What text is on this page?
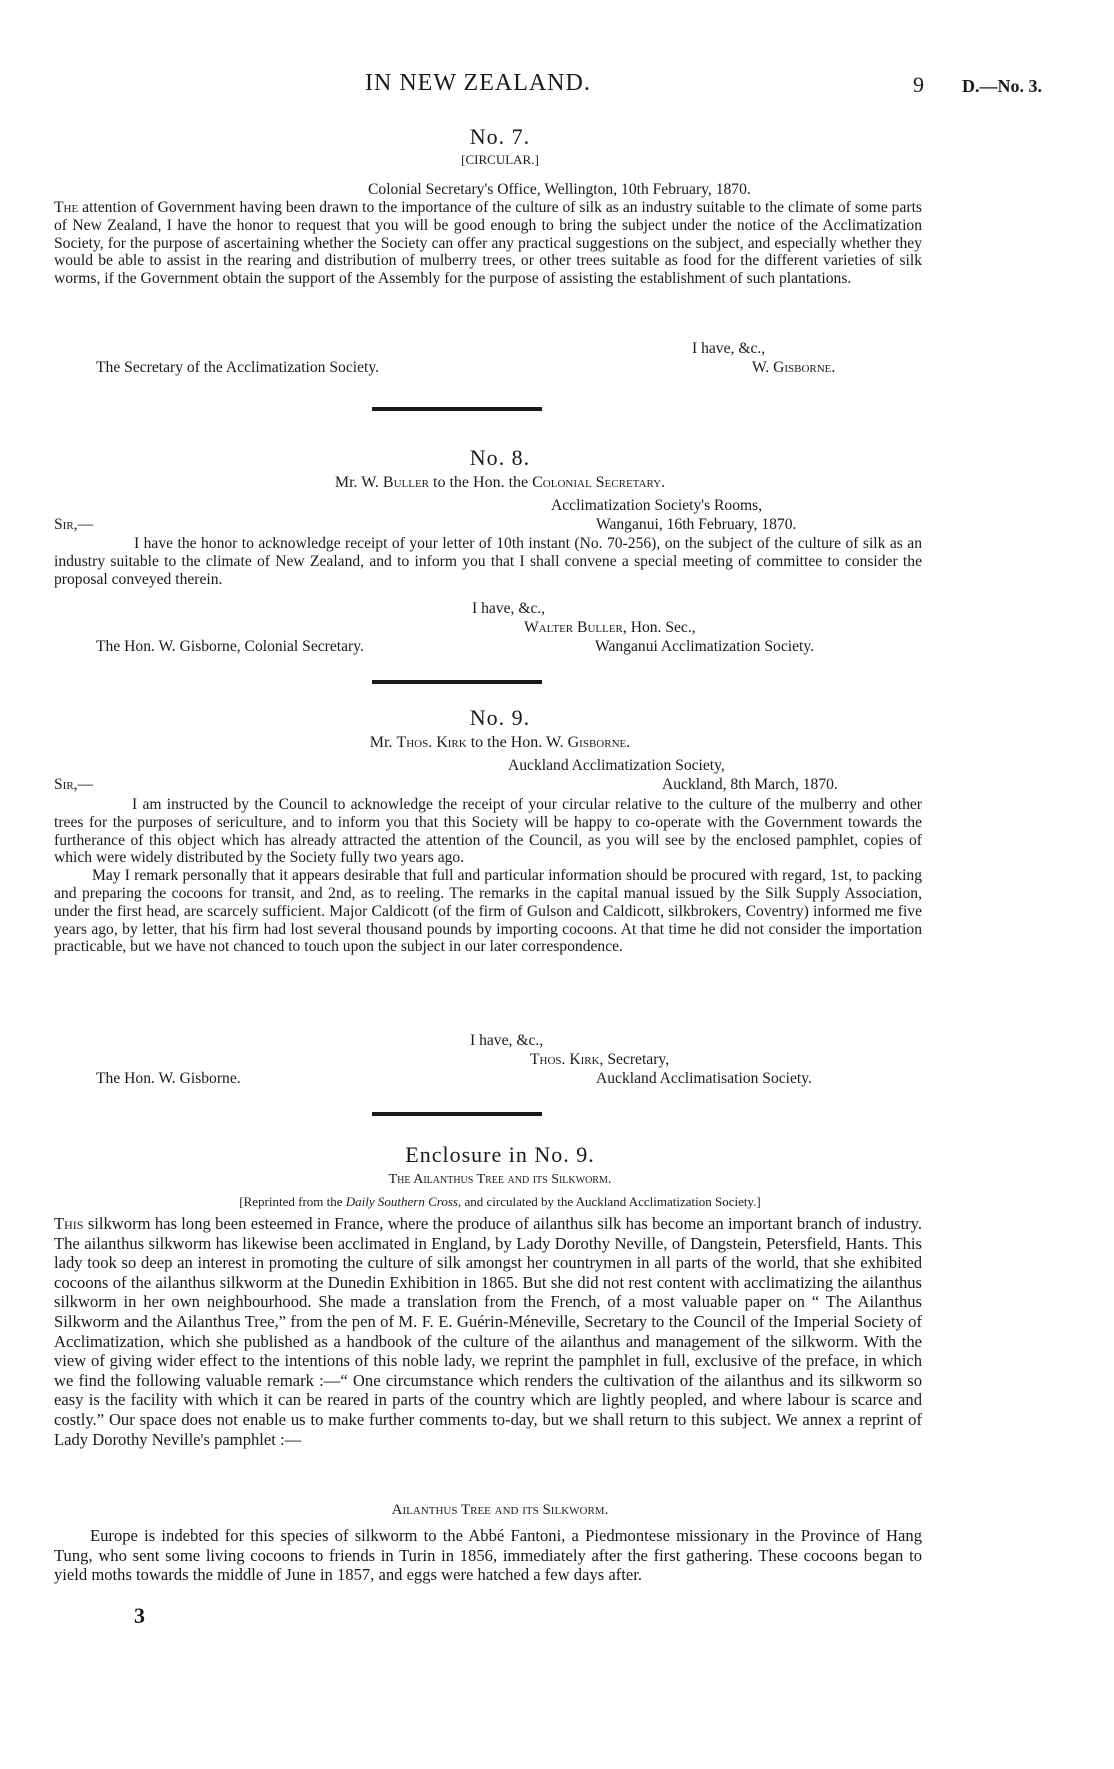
IN NEW ZEALAND.	9 D.—No. 3.
No. 7.
[CIRCULAR.]
Colonial Secretary's Office, Wellington, 10th February, 1870.

The attention of Government having been drawn to the importance of the culture of silk as an industry suitable to the climate of some parts of New Zealand, I have the honor to request that you will be good enough to bring the subject under the notice of the Acclimatization Society, for the purpose of ascertaining whether the Society can offer any practical suggestions on the subject, and especially whether they would be able to assist in the rearing and distribution of mulberry trees, or other trees suitable as food for the different varieties of silk worms, if the Government obtain the support of the Assembly for the purpose of assisting the establishment of such plantations.

I have, &c.,
The Secretary of the Acclimatization Society.	W. Gisborne.
No. 8.
Mr. W. Buller to the Hon. the Colonial Secretary.
Acclimatization Society's Rooms,
Sir,—	Wanganui, 16th February, 1870.

I have the honor to acknowledge receipt of your letter of 10th instant (No. 70-256), on the subject of the culture of silk as an industry suitable to the climate of New Zealand, and to inform you that I shall convene a special meeting of committee to consider the proposal conveyed therein.

I have, &c.,
Walter Buller, Hon. Sec.,
The Hon. W. Gisborne, Colonial Secretary.	Wanganui Acclimatization Society.
No. 9.
Mr. Thos. Kirk to the Hon. W. Gisborne.
Auckland Acclimatization Society,
Sir,—	Auckland, 8th March, 1870.

I am instructed by the Council to acknowledge the receipt of your circular relative to the culture of the mulberry and other trees for the purposes of sericulture, and to inform you that this Society will be happy to co-operate with the Government towards the furtherance of this object which has already attracted the attention of the Council, as you will see by the enclosed pamphlet, copies of which were widely distributed by the Society fully two years ago.

May I remark personally that it appears desirable that full and particular information should be procured with regard, 1st, to packing and preparing the cocoons for transit, and 2nd, as to reeling. The remarks in the capital manual issued by the Silk Supply Association, under the first head, are scarcely sufficient. Major Caldicott (of the firm of Gulson and Caldicott, silkbrokers, Coventry) informed me five years ago, by letter, that his firm had lost several thousand pounds by importing cocoons. At that time he did not consider the importation practicable, but we have not chanced to touch upon the subject in our later correspondence.

I have, &c.,
Thos. Kirk, Secretary,
The Hon. W. Gisborne.	Auckland Acclimatisation Society.
Enclosure in No. 9.
The Ailanthus Tree and its Silkworm.
[Reprinted from the Daily Southern Cross, and circulated by the Auckland Acclimatization Society.]

This silkworm has long been esteemed in France, where the produce of ailanthus silk has become an important branch of industry. The ailanthus silkworm has likewise been acclimated in England, by Lady Dorothy Neville, of Dangstein, Petersfield, Hants. This lady took so deep an interest in promoting the culture of silk amongst her countrymen in all parts of the world, that she exhibited cocoons of the ailanthus silkworm at the Dunedin Exhibition in 1865. But she did not rest content with acclimatizing the ailanthus silkworm in her own neighbourhood. She made a translation from the French, of a most valuable paper on “ The Ailanthus Silkworm and the Ailanthus Tree,” from the pen of M. F. E. Guérin-Méneville, Secretary to the Council of the Imperial Society of Acclimatization, which she published as a handbook of the culture of the ailanthus and management of the silkworm. With the view of giving wider effect to the intentions of this noble lady, we reprint the pamphlet in full, exclusive of the preface, in which we find the following valuable remark :—“ One circumstance which renders the cultivation of the ailanthus and its silkworm so easy is the facility with which it can be reared in parts of the country which are lightly peopled, and where labour is scarce and costly.” Our space does not enable us to make further comments to-day, but we shall return to this subject. We annex a reprint of Lady Dorothy Neville's pamphlet :—

Ailanthus Tree and its Silkworm.

Europe is indebted for this species of silkworm to the Abbé Fantoni, a Piedmontese missionary in the Province of Hang Tung, who sent some living cocoons to friends in Turin in 1856, immediately after the first gathering. These cocoons began to yield moths towards the middle of June in 1857, and eggs were hatched a few days after.

3
